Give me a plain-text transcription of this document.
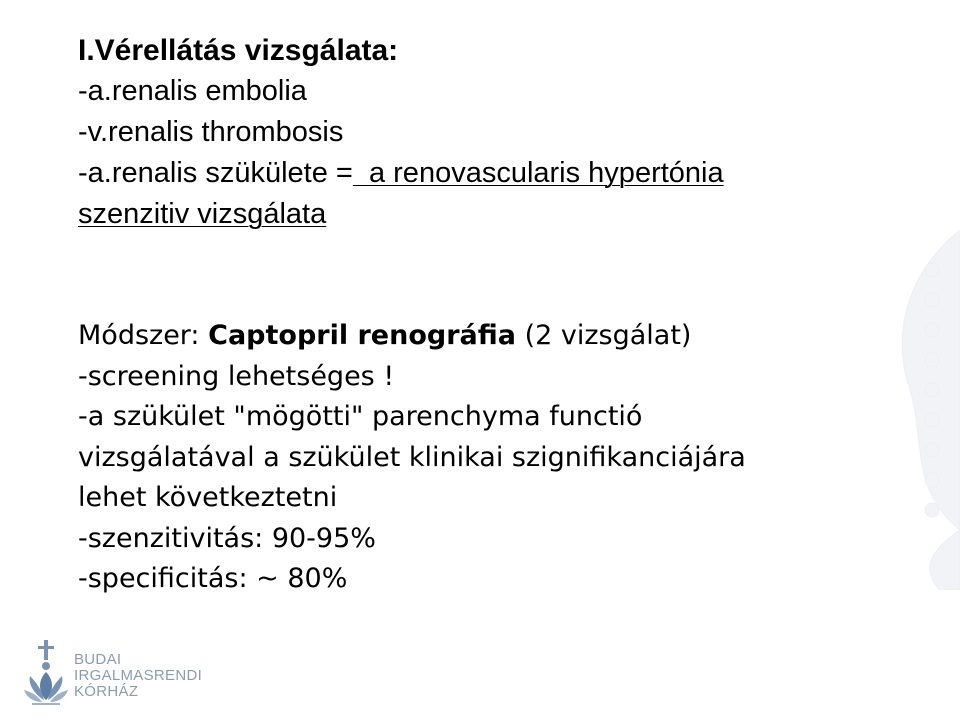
I.Vérellátás vizsgálata:
-a.renalis embolia
-v.renalis thrombosis
-a.renalis szükülete = a renovascularis hypertónia
szenzitiv vizsgálata
Módszer: Captopril renográfia (2 vizsgálat)
-screening lehetséges !
-a szükület "mögötti" parenchyma functió
vizsgálatával a szükület klinikai szignifikanciájára
lehet következtetni
-szenzitivitás: 90-95%
-specificitás: ~ 80%
BUDAI
IRGALMASRENDI
KÓRHÁZ
